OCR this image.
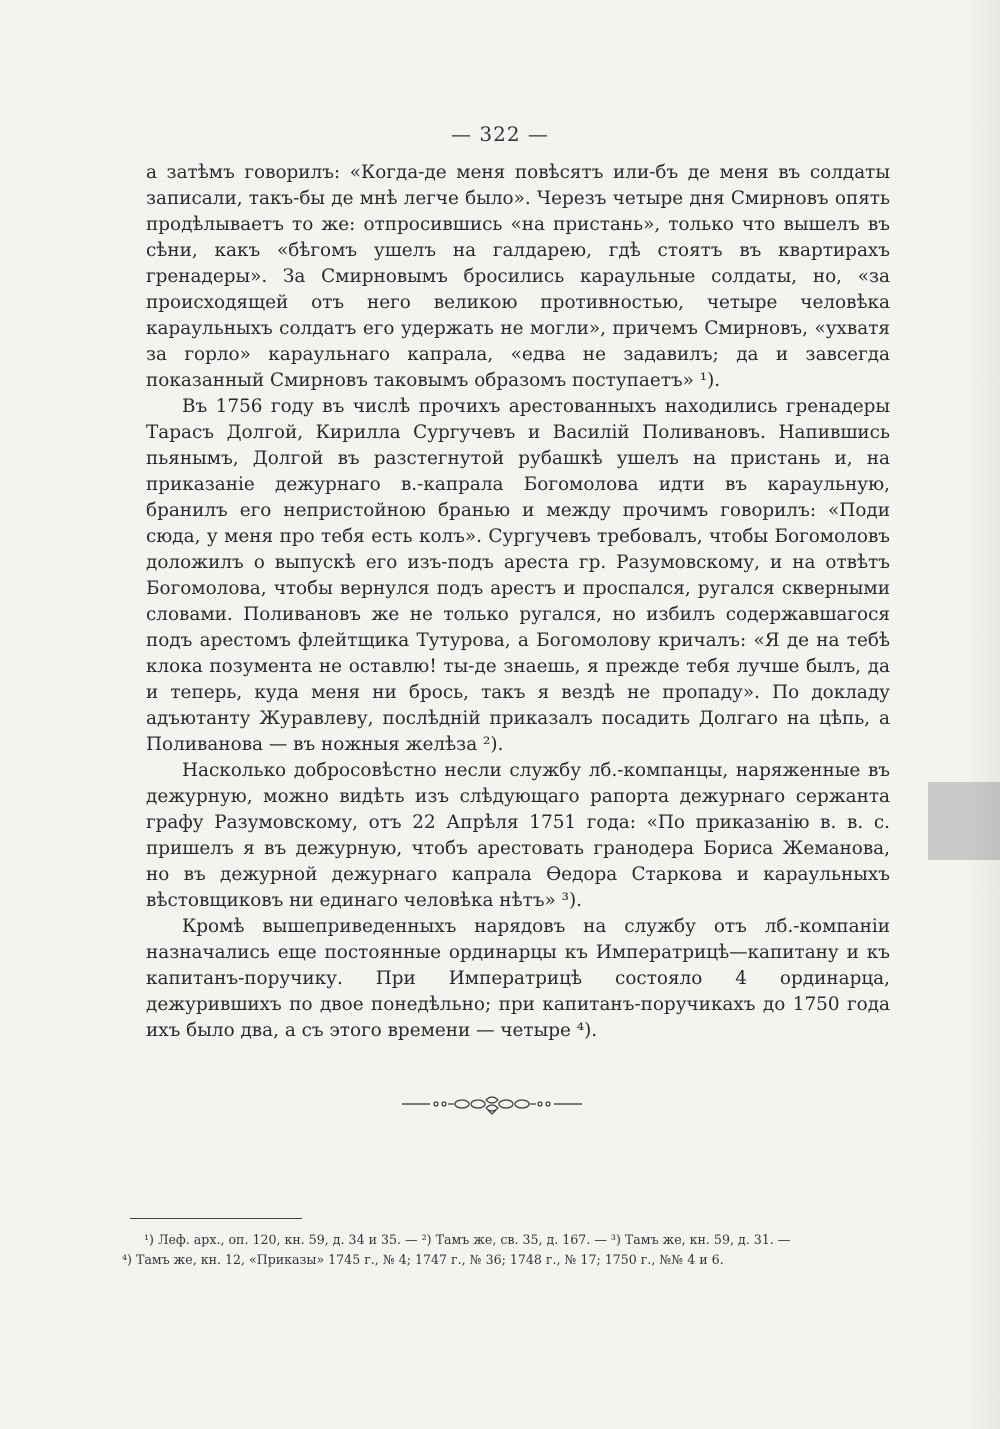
— 322 —

а затѣмъ говорилъ: «Когда-де меня повѣсятъ или-бъ де меня въ солдаты записали, такъ-бы де мнѣ легче было». Черезъ четыре дня Смирновъ опять продѣлываетъ то же: отпросившись «на пристань», только что вышелъ въ сѣни, какъ «бѣгомъ ушелъ на галдарею, гдѣ стоятъ въ квартирахъ гренадеры». За Смирновымъ бросились караульные солдаты, но, «за происходящей отъ него великою противностью, четыре человѣка караульныхъ солдатъ его удержать не могли», причемъ Смирновъ, «ухватя за горло» караульнаго капрала, «едва не задавилъ; да и завсегда показанный Смирновъ таковымъ образомъ поступаетъ» ¹).

Въ 1756 году въ числѣ прочихъ арестованныхъ находились гренадеры Тарасъ Долгой, Кирилла Сургучевъ и Василій Поливановъ. Напившись пьянымъ, Долгой въ разстегнутой рубашкѣ ушелъ на пристань и, на приказаніе дежурнаго в.-капрала Богомолова идти въ караульную, бранилъ его непристойною бранью и между прочимъ говорилъ: «Поди сюда, у меня про тебя есть колъ». Сургучевъ требовалъ, чтобы Богомоловъ доложилъ о выпускѣ его изъ-подъ ареста гр. Разумовскому, и на отвѣтъ Богомолова, чтобы вернулся подъ арестъ и проспался, ругался скверными словами. Поливановъ же не только ругался, но избилъ содержавшагося подъ арестомъ флейтщика Тутурова, а Богомолову кричалъ: «Я де на тебѣ клока позумента не оставлю! ты-де знаешь, я прежде тебя лучше былъ, да и теперь, куда меня ни брось, такъ я вездѣ не пропаду». По докладу адъютанту Журавлеву, послѣдній приказалъ посадить Долгаго на цѣпь, а Поливанова — въ ножныя желѣза ²).

Насколько добросовѣстно несли службу лб.-компанцы, наряженные въ дежурную, можно видѣть изъ слѣдующаго рапорта дежурнаго сержанта графу Разумовскому, отъ 22 Апрѣля 1751 года: «По приказанію в. в. с. пришелъ я въ дежурную, чтобъ арестовать гранодера Бориса Жеманова, но въ дежурной дежурнаго капрала Ѳедора Старкова и караульныхъ вѣстовщиковъ ни единаго человѣка нѣтъ» ³).

Кромѣ вышеприведенныхъ нарядовъ на службу отъ лб.-компаніи назначались еще постоянные ординарцы къ Императрицѣ—капитану и къ капитанъ-поручику. При Императрицѣ состояло 4 ординарца, дежурившихъ по двое понедѣльно; при капитанъ-поручикахъ до 1750 года ихъ было два, а съ этого времени — четыре ⁴).

¹) Леф. арх., оп. 120, кн. 59, д. 34 и 35. — ²) Тамъ же, св. 35, д. 167. — ³) Тамъ же, кн. 59, д. 31. —

⁴) Тамъ же, кн. 12, «Приказы» 1745 г., № 4; 1747 г., № 36; 1748 г., № 17; 1750 г., №№ 4 и 6.
